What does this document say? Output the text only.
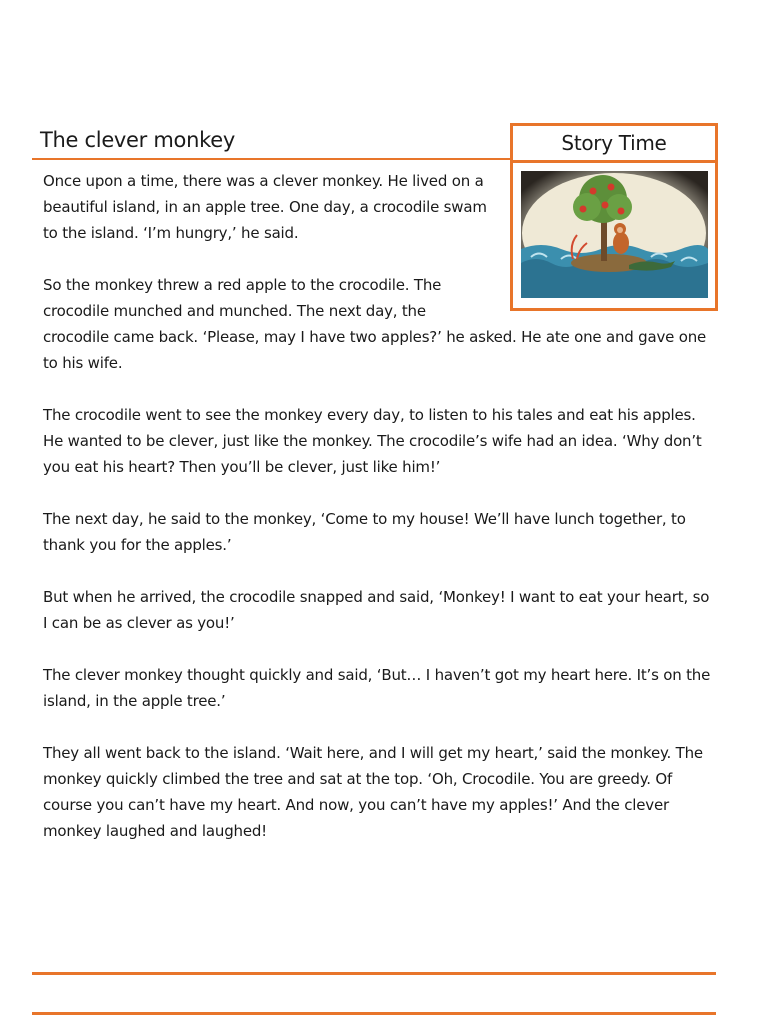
The clever monkey	Story Time

Once upon a time, there was a clever monkey. He lived on a beautiful island, in an apple tree. One day, a crocodile swam to the island. ‘I’m hungry,’ he said.

So the monkey threw a red apple to the crocodile. The crocodile munched and munched. The next day, the
crocodile came back. ‘Please, may I have two apples?’ he asked. He ate one and gave one to his wife.

The crocodile went to see the monkey every day, to listen to his tales and eat his apples. He wanted to be clever, just like the monkey. The crocodile’s wife had an idea. ‘Why don’t you eat his heart? Then you’ll be clever, just like him!’

The next day, he said to the monkey, ‘Come to my house! We’ll have lunch together, to thank you for the apples.’

But when he arrived, the crocodile snapped and said, ‘Monkey! I want to eat your heart, so I can be as clever as you!’

The clever monkey thought quickly and said, ‘But… I haven’t got my heart here. It’s on the island, in the apple tree.’

They all went back to the island. ‘Wait here, and I will get my heart,’ said the monkey. The monkey quickly climbed the tree and sat at the top. ‘Oh, Crocodile. You are greedy. Of course you can’t have my heart. And now, you can’t have my apples!’ And the clever monkey laughed and laughed!
